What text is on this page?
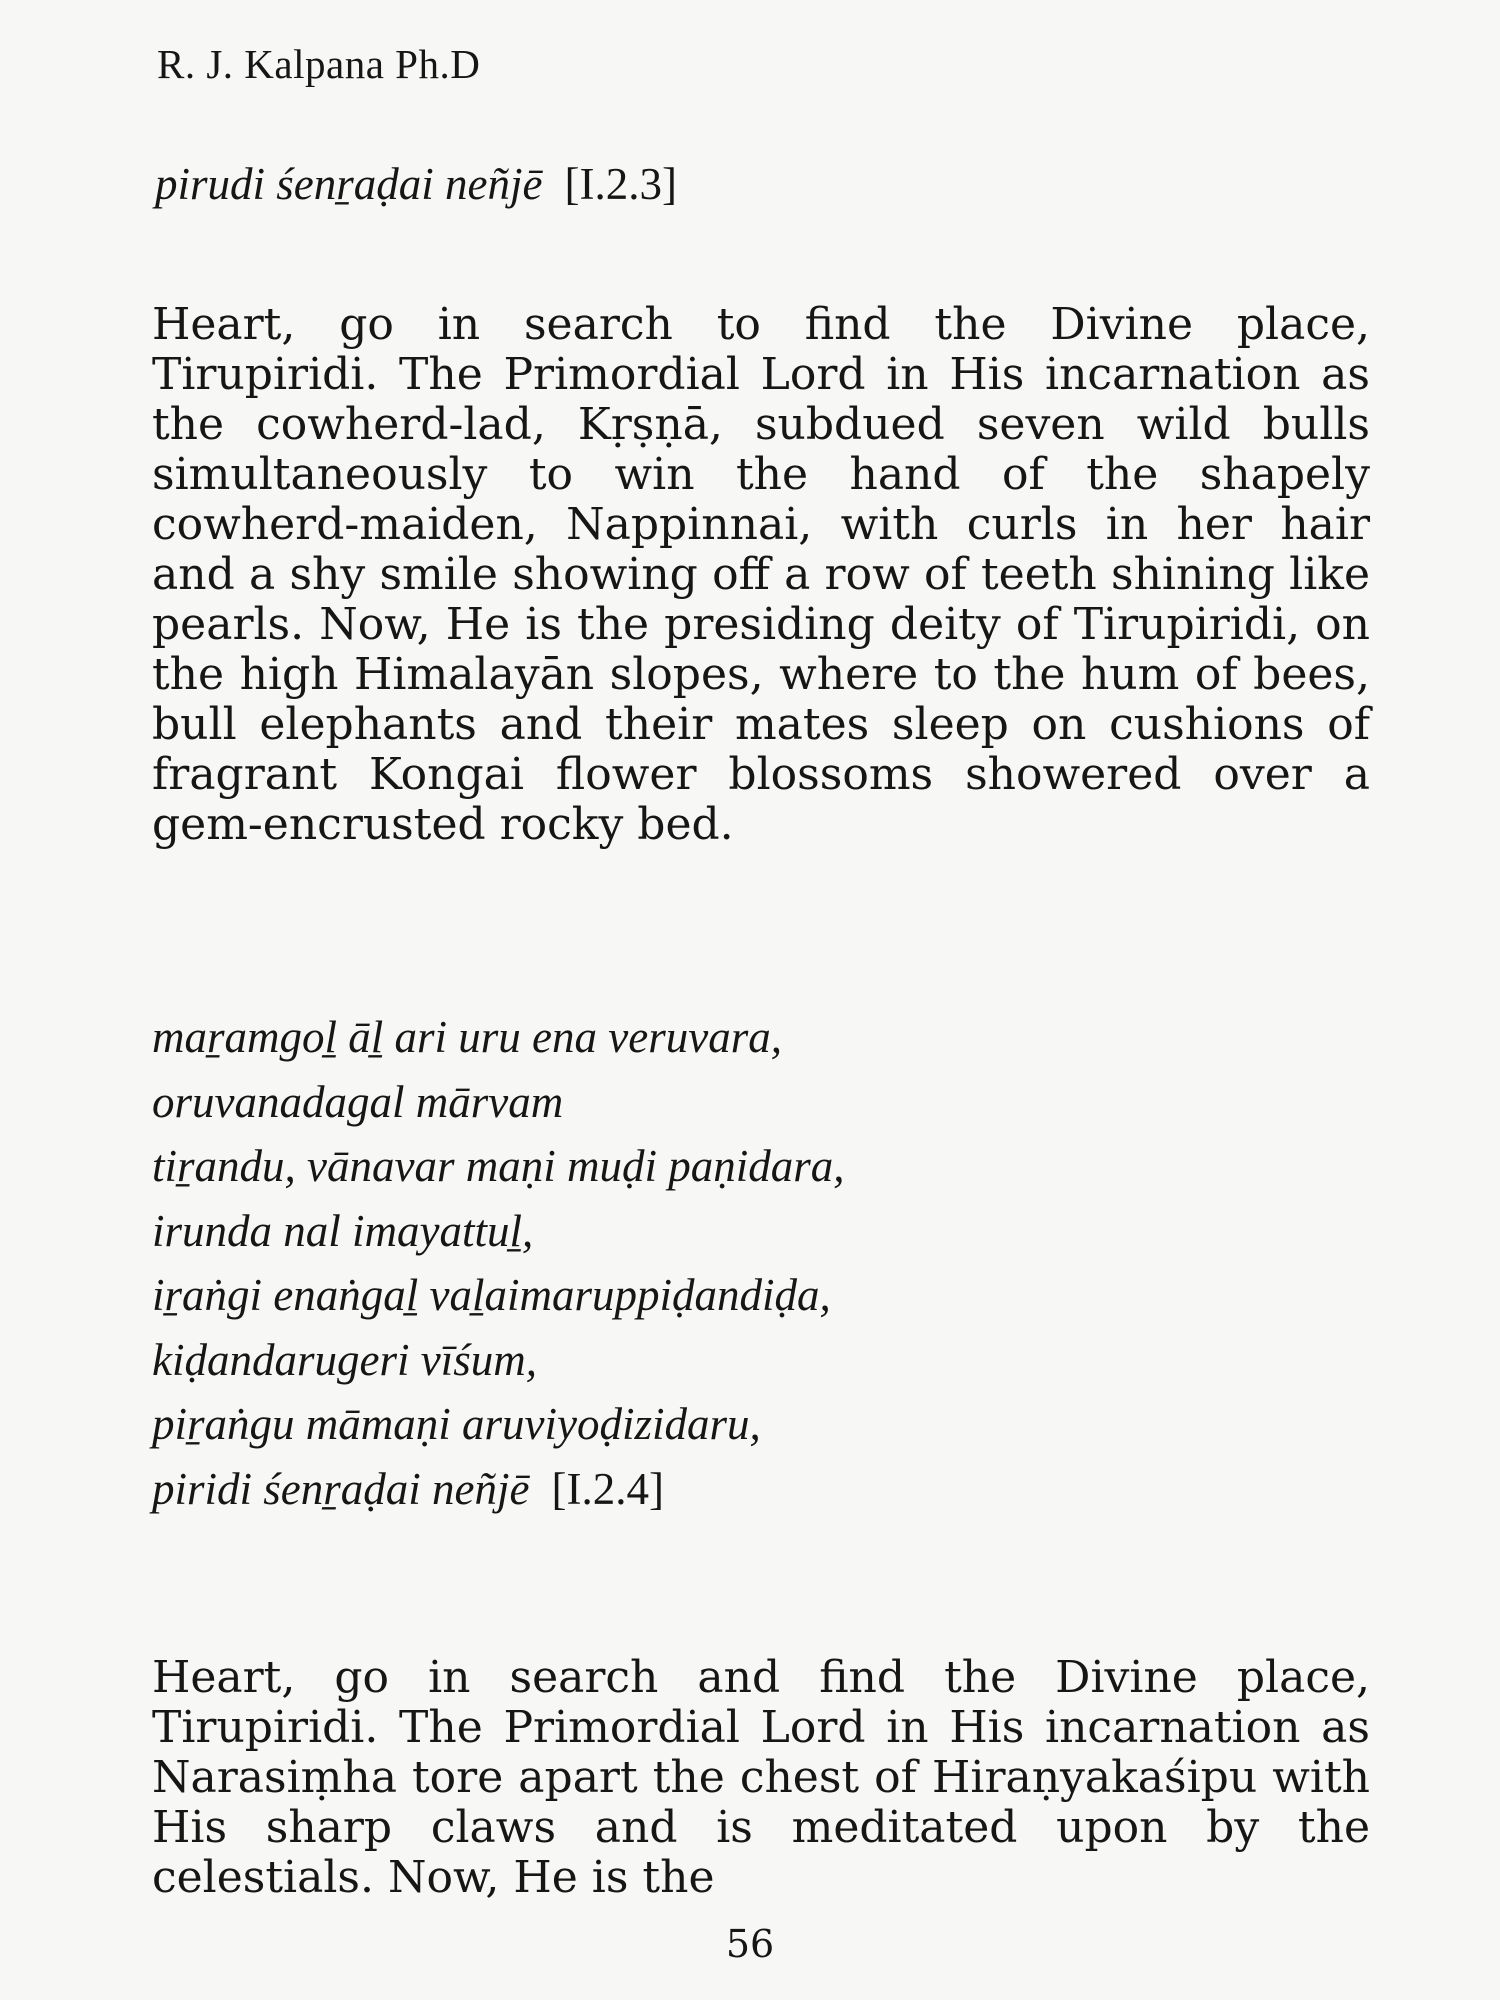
R. J. Kalpana Ph.D
pirudi śenṟaḍai neñjē [I.2.3]

Heart, go in search to find the Divine place, Tirupiridi. The Primordial Lord in His incarnation as the cowherd-lad, Kṛṣṇā, subdued seven wild bulls simultaneously to win the hand of the shapely cowherd-maiden, Nappinnai, with curls in her hair and a shy smile showing off a row of teeth shining like pearls. Now, He is the presiding deity of Tirupiridi, on the high Himalayān slopes, where to the hum of bees, bull elephants and their mates sleep on cushions of fragrant Kongai flower blossoms showered over a gem-encrusted rocky bed.

maṟamgoḻ āḻ ari uru ena veruvara,
oruvanadagal mārvam
tiṟandu, vānavar maṇi muḍi paṇidara,
irunda nal imayattuḻ,
iṟaṅgi enaṅgaḻ vaḻaimaruppiḍandiḍa,
kiḍandarugeri vīśum,
piṟaṅgu māmaṇi aruviyoḍizidaru,
piridi śenṟaḍai neñjē [I.2.4]

Heart, go in search and find the Divine place, Tirupiridi. The Primordial Lord in His incarnation as Narasiṃha tore apart the chest of Hiraṇyakaśipu with His sharp claws and is meditated upon by the celestials. Now, He is the

56
